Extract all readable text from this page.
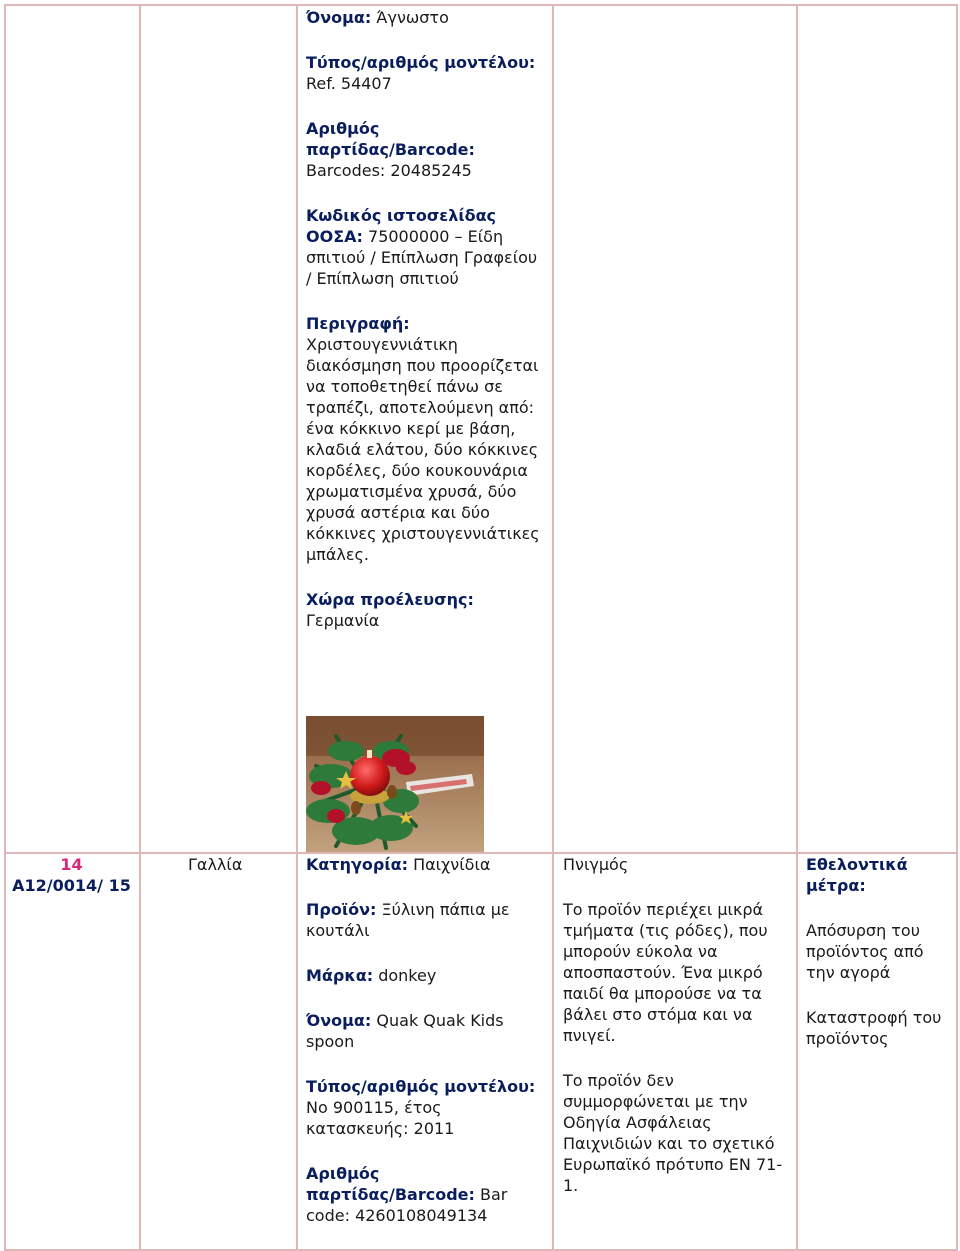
Όνομα: Άγνωστο

Τύπος/αριθμός μοντέλου: Ref. 54407

Αριθμός παρτίδας/Barcode: Barcodes: 20485245

Κωδικός ιστοσελίδας ΟΟΣΑ: 75000000 – Είδη σπιτιού / Επίπλωση Γραφείου / Επίπλωση σπιτιού

Περιγραφή: Χριστουγεννιάτικη διακόσμηση που προορίζεται να τοποθετηθεί πάνω σε τραπέζι, αποτελούμενη από: ένα κόκκινο κερί με βάση, κλαδιά ελάτου, δύο κόκκινες κορδέλες, δύο κουκουνάρια χρωματισμένα χρυσά, δύο χρυσά αστέρια και δύο κόκκινες χριστουγεννιάτικες μπάλες.

Χώρα προέλευσης: Γερμανία

14
A12/0014/ 15
Γαλλία	Κατηγορία: Παιχνίδια

Προϊόν: Ξύλινη πάπια με κουτάλι

Μάρκα: donkey

Όνομα: Quak Quak Kids spoon

Τύπος/αριθμός μοντέλου: No 900115, έτος κατασκευής: 2011

Αριθμός παρτίδας/Barcode: Bar code: 4260108049134

Πνιγμός

Το προϊόν περιέχει μικρά τμήματα (τις ρόδες), που μπορούν εύκολα να αποσπαστούν. Ένα μικρό παιδί θα μπορούσε να τα βάλει στο στόμα και να πνιγεί.

Το προϊόν δεν συμμορφώνεται με την Οδηγία Ασφάλειας Παιχνιδιών και το σχετικό Ευρωπαϊκό πρότυπο EN 71-1.

Εθελοντικά μέτρα:

Απόσυρση του προϊόντος από την αγορά

Καταστροφή του προϊόντος
